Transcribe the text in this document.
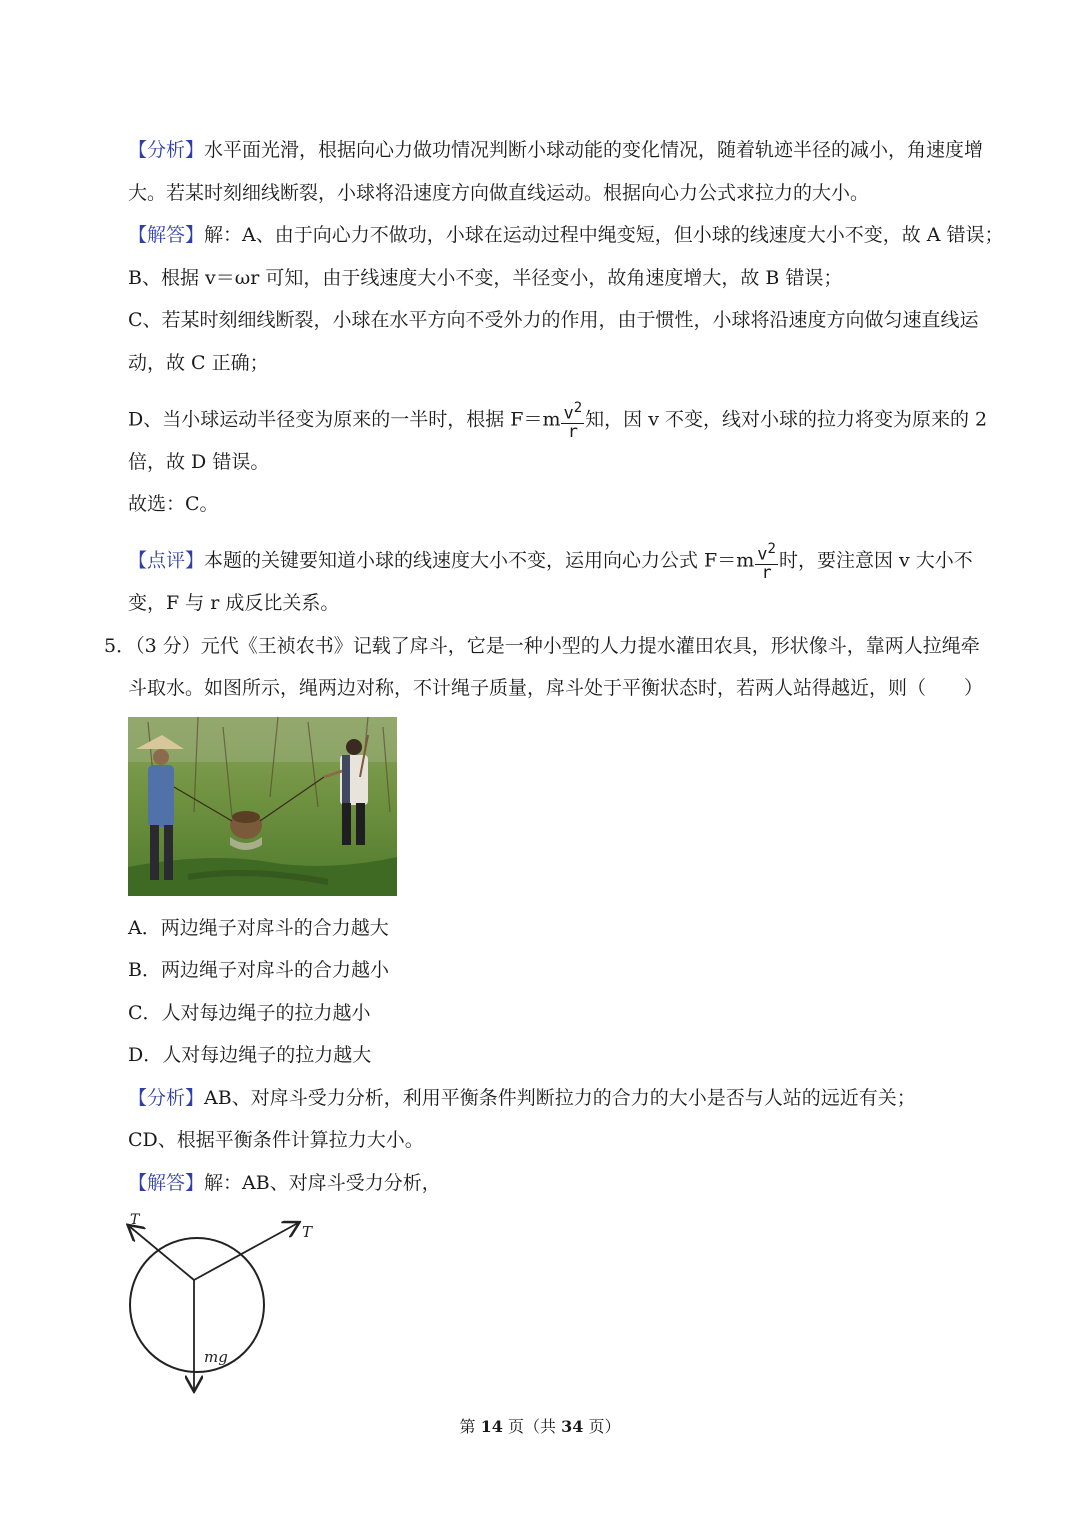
【分析】水平面光滑，根据向心力做功情况判断小球动能的变化情况，随着轨迹半径的减小，角速度增
大。若某时刻细线断裂，小球将沿速度方向做直线运动。根据向心力公式求拉力的大小。
【解答】解：A、由于向心力不做功，小球在运动过程中绳变短，但小球的线速度大小不变，故 A 错误；
B、根据 v＝ωr 可知，由于线速度大小不变，半径变小，故角速度增大，故 B 错误；
C、若某时刻细线断裂，小球在水平方向不受外力的作用，由于惯性，小球将沿速度方向做匀速直线运
动，故 C 正确；
D、当小球运动半径变为原来的一半时，根据 $F=m \frac{v^2}{r}$ 知，因 v 不变，线对小球的拉力将变为原来的 2
倍，故 D 错误。
故选：C。
【点评】本题的关键要知道小球的线速度大小不变，运用向心力公式 $F=m \frac{v^2}{r}$ 时，要注意因 v 大小不
变，F 与 r 成反比关系。
5．（3 分）元代《王祯农书》记载了戽斗，它是一种小型的人力提水灌田农具，形状像斗，靠两人拉绳牵
斗取水。如图所示，绳两边对称，不计绳子质量，戽斗处于平衡状态时，若两人站得越近，则（　　）
A．两边绳子对戽斗的合力越大
B．两边绳子对戽斗的合力越小
C．人对每边绳子的拉力越小
D．人对每边绳子的拉力越大
【分析】AB、对戽斗受力分析，利用平衡条件判断拉力的合力的大小是否与人站的远近有关；
CD、根据平衡条件计算拉力大小。
【解答】解：AB、对戽斗受力分析，
T
T
mg
第 14 页（共 34 页）
